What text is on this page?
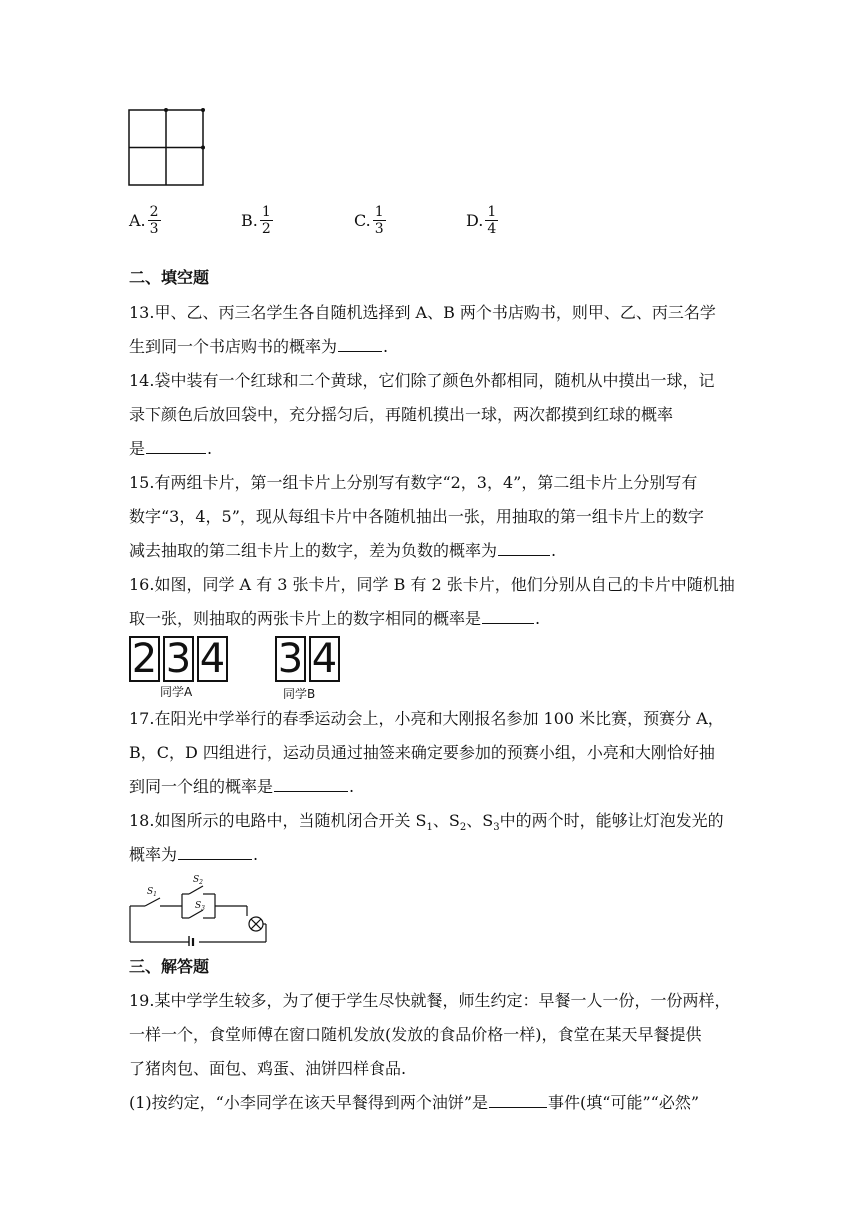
A. $\frac{2}{3}$	B. $\frac{1}{2}$	C. $\frac{1}{3}$	D. $\frac{1}{4}$
二、填空题
13.甲、乙、丙三名学生各自随机选择到 A、B 两个书店购书，则甲、乙、丙三名学
生到同一个书店购书的概率为	.
14.袋中装有一个红球和二个黄球，它们除了颜色外都相同，随机从中摸出一球，记
录下颜色后放回袋中，充分摇匀后，再随机摸出一球，两次都摸到红球的概率
是	.
15.有两组卡片，第一组卡片上分别写有数字“2，3，4”，第二组卡片上分别写有
数字“3，4，5”，现从每组卡片中各随机抽出一张，用抽取的第一组卡片上的数字
减去抽取的第二组卡片上的数字，差为负数的概率为	.
16.如图，同学 A 有 3 张卡片，同学 B 有 2 张卡片，他们分别从自己的卡片中随机抽
取一张，则抽取的两张卡片上的数字相同的概率是	.
2 3 4
同学A
3 4
同学B
17.在阳光中学举行的春季运动会上，小亮和大刚报名参加 100 米比赛，预赛分 A，
B，C，D 四组进行，运动员通过抽签来确定要参加的预赛小组，小亮和大刚恰好抽
到同一个组的概率是	.
18.如图所示的电路中，当随机闭合开关 $S_1$、$S_2$、$S_3$中的两个时，能够让灯泡发光的
概率为	.
$S_1$
$S_2$
$S_3$
三、解答题
19.某中学学生较多，为了便于学生尽快就餐，师生约定：早餐一人一份，一份两样，
一样一个，食堂师傅在窗口随机发放(发放的食品价格一样)，食堂在某天早餐提供
了猪肉包、面包、鸡蛋、油饼四样食品.
(1)按约定，“小李同学在该天早餐得到两个油饼”是	事件(填“可能”“必然”
